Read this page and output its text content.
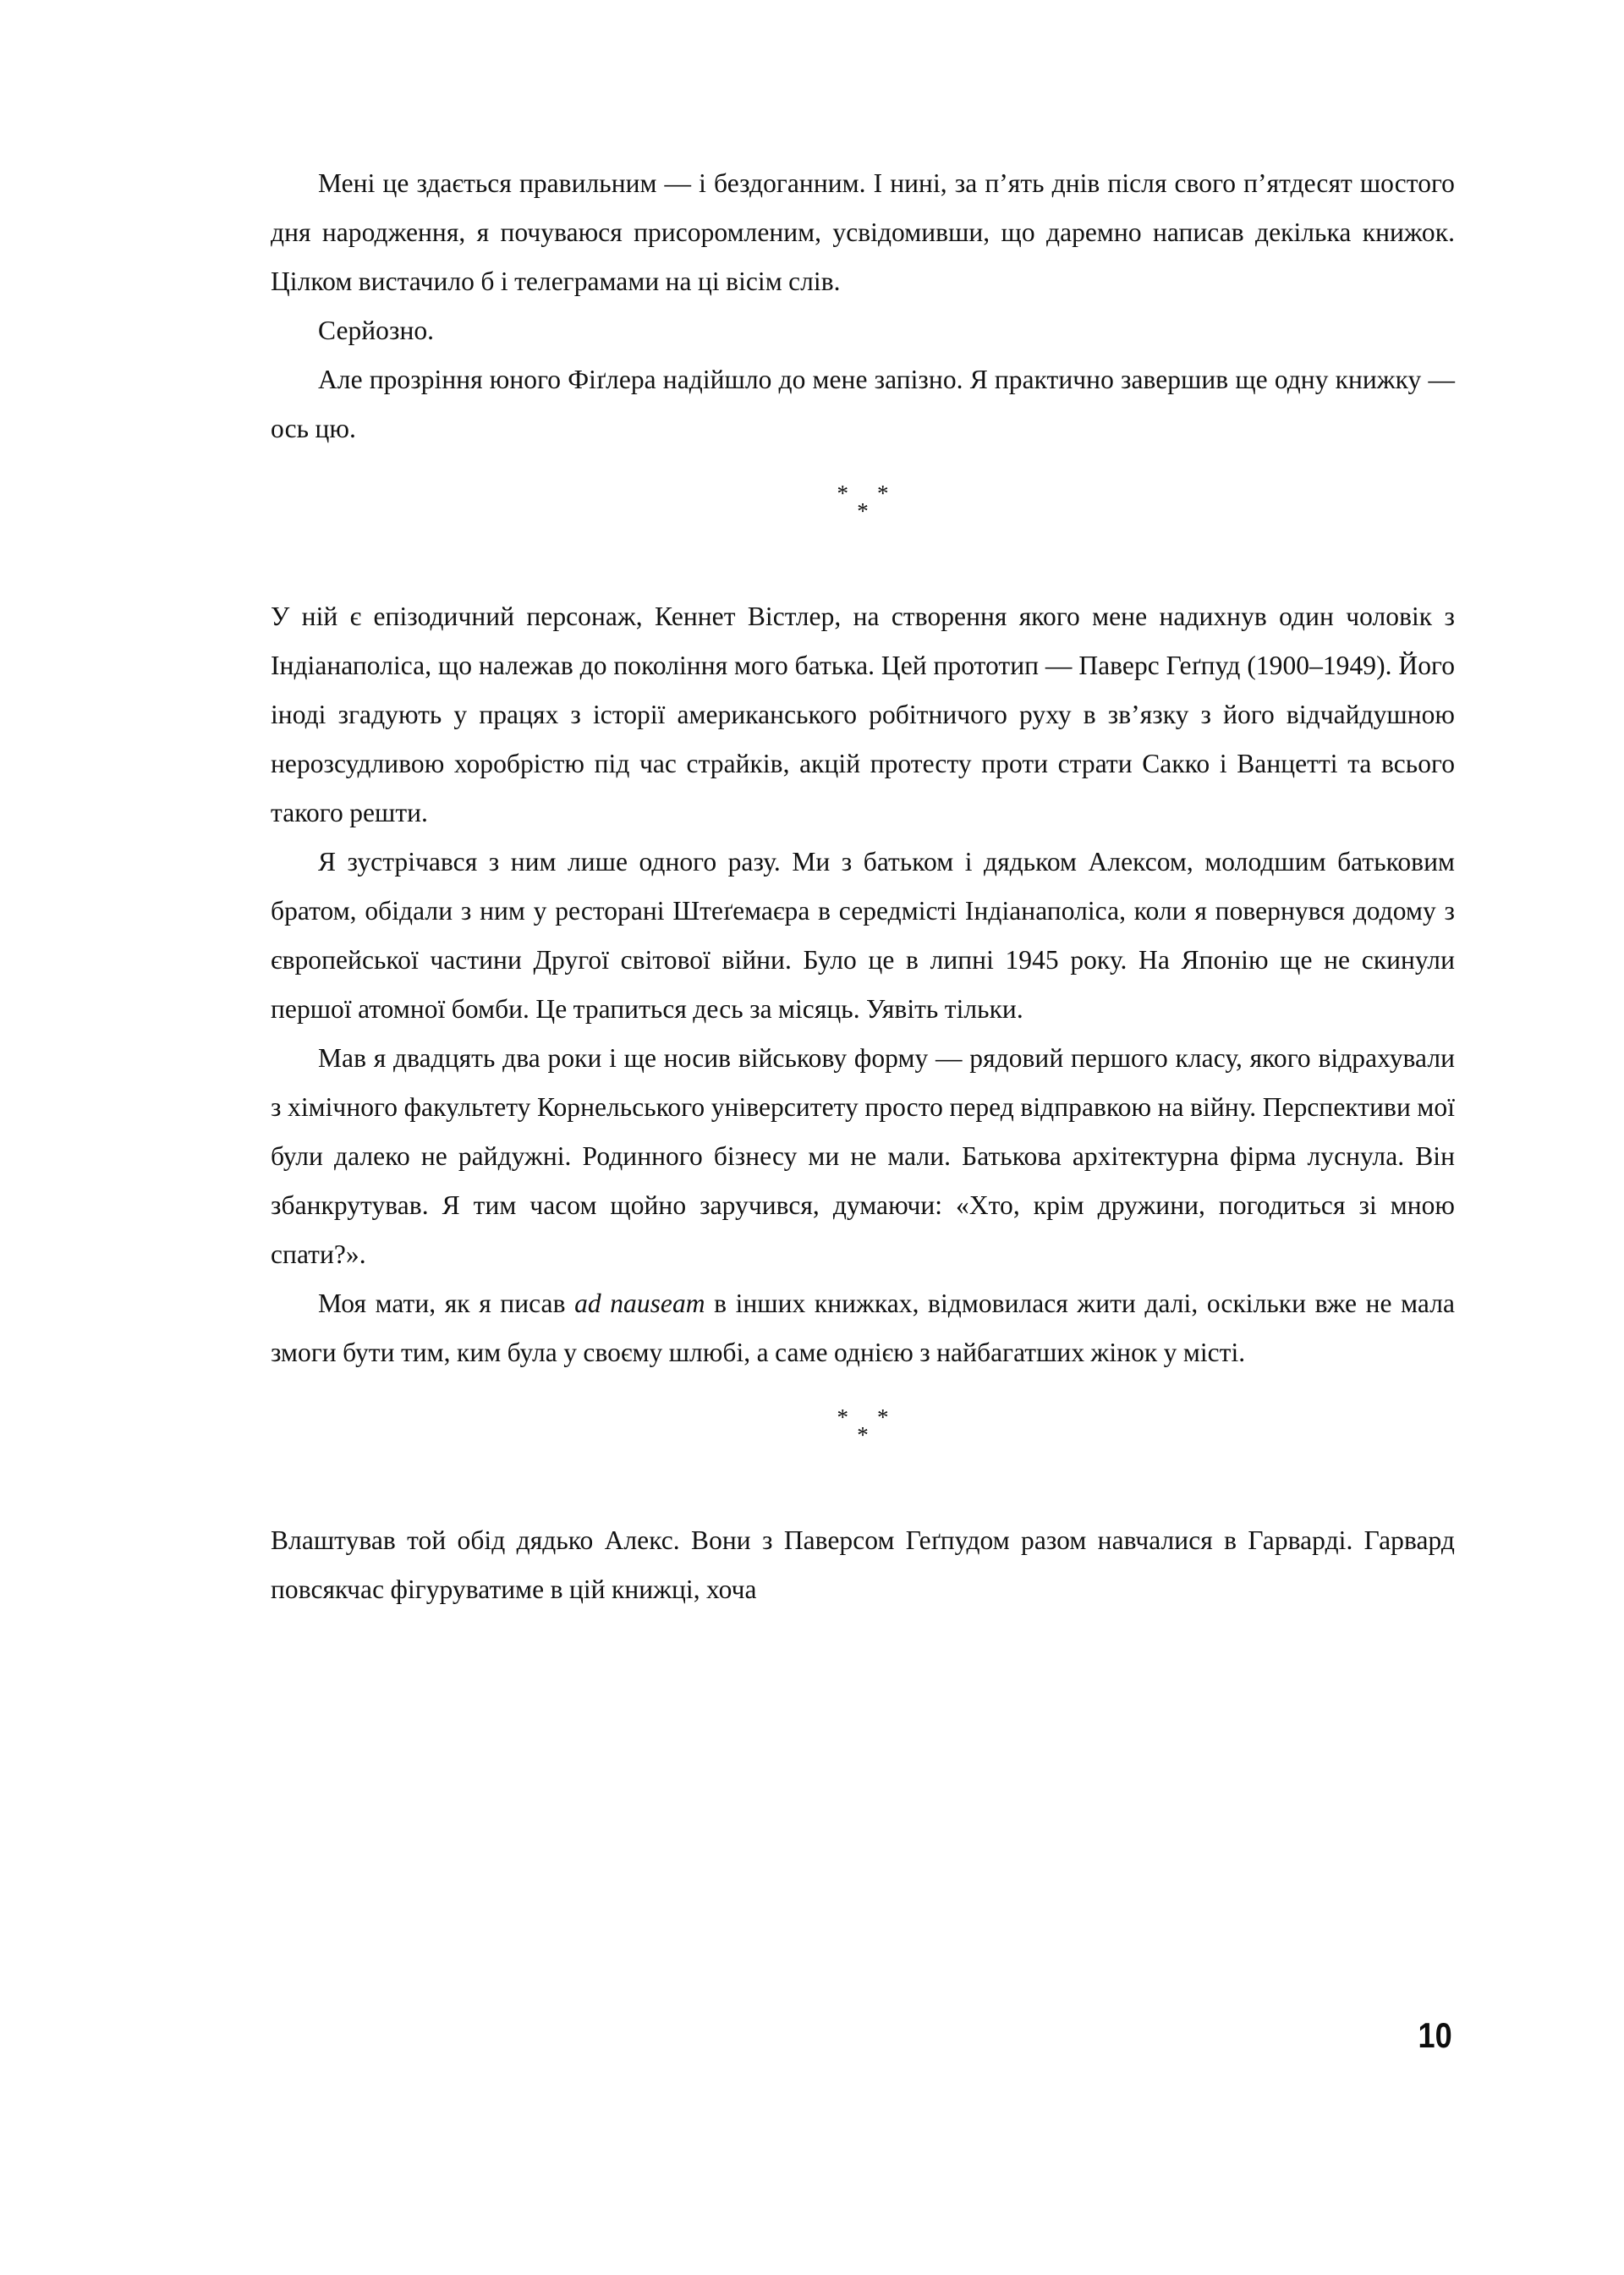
Мені це здається правильним — і бездоганним. І нині, за п’ять днів після свого п’ятдесят шостого дня народження, я почуваюся присоромленим, усвідомивши, що даремно написав декілька книжок. Цілком вистачило б і телеграмами на ці вісім слів.

Серйозно.

Але прозріння юного Фіґлера надійшло до мене запізно. Я практично завершив ще одну книжку — ось цю.

* *
*

У ній є епізодичний персонаж, Кеннет Вістлер, на створення якого мене надихнув один чоловік з Індіанаполіса, що належав до покоління мого батька. Цей прототип — Паверс Геґпуд (1900–1949). Його іноді згадують у працях з історії американського робітничого руху в зв’язку з його відчайдушною нерозсудливою хоробрістю під час страйків, акцій протесту проти страти Сакко і Ванцетті та всього такого решти.

Я зустрічався з ним лише одного разу. Ми з батьком і дядьком Алексом, молодшим батьковим братом, обідали з ним у ресторані Штеґемаєра в середмісті Індіанаполіса, коли я повернувся додому з європейської частини Другої світової війни. Було це в липні 1945 року. На Японію ще не скинули першої атомної бомби. Це трапиться десь за місяць. Уявіть тільки.

Мав я двадцять два роки і ще носив військову форму — рядовий першого класу, якого відрахували з хімічного факультету Корнельського університету просто перед відправкою на війну. Перспективи мої були далеко не райдужні. Родинного бізнесу ми не мали. Батькова архітектурна фірма луснула. Він збанкрутував. Я тим часом щойно заручився, думаючи: «Хто, крім дружини, погодиться зі мною спати?».

Моя мати, як я писав ad nauseam в інших книжках, відмовилася жити далі, оскільки вже не мала змоги бути тим, ким була у своєму шлюбі, а саме однією з найбагатших жінок у місті.

* *
*

Влаштував той обід дядько Алекс. Вони з Паверсом Геґпудом разом навчалися в Гарварді. Гарвард повсякчас фігуруватиме в цій книжці, хоча

10
